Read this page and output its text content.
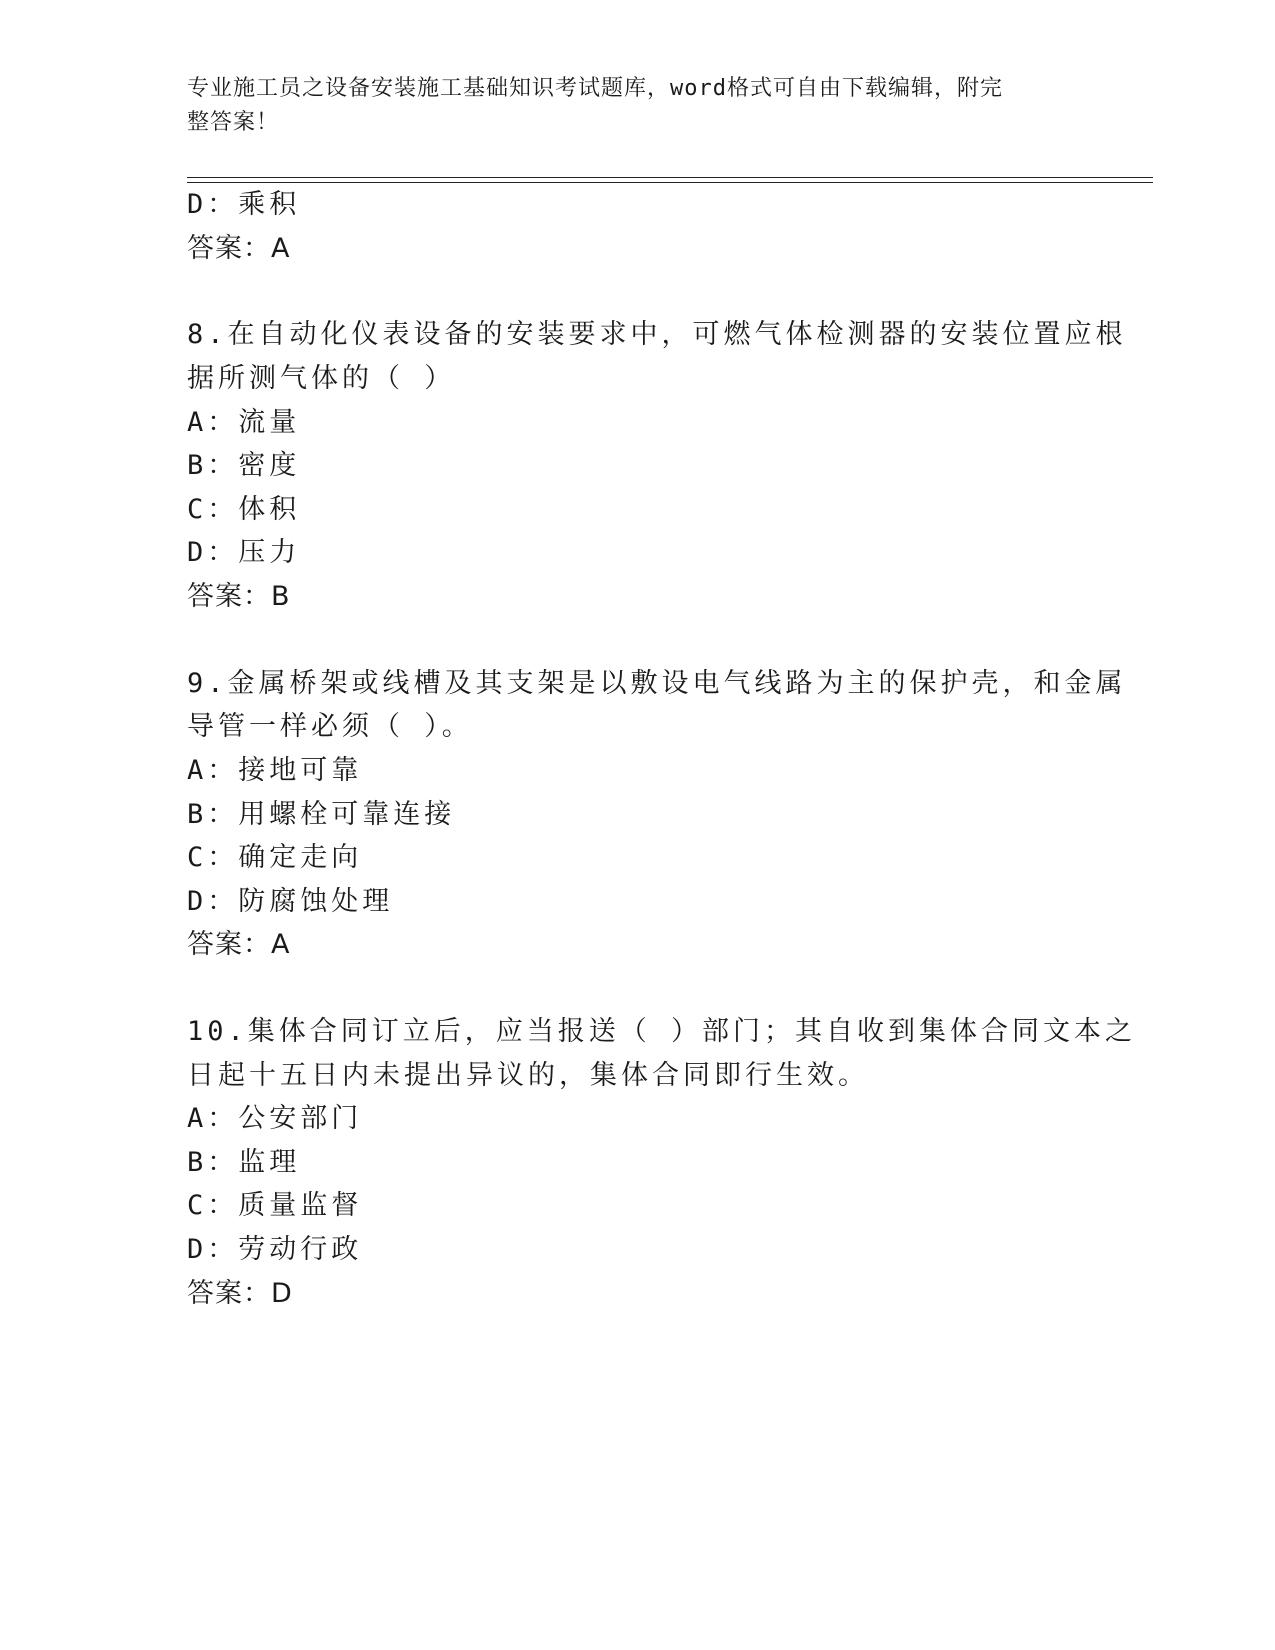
专业施工员之设备安装施工基础知识考试题库，word格式可自由下载编辑，附完
整答案！
D：乘积
答案：A
8.在自动化仪表设备的安装要求中，可燃气体检测器的安装位置应根
据所测气体的（ ）
A：流量
B：密度
C：体积
D：压力
答案：B
9.金属桥架或线槽及其支架是以敷设电气线路为主的保护壳，和金属
导管一样必须（ ）。
A：接地可靠
B：用螺栓可靠连接
C：确定走向
D：防腐蚀处理
答案：A
10.集体合同订立后，应当报送（ ）部门；其自收到集体合同文本之
日起十五日内未提出异议的，集体合同即行生效。
A：公安部门
B：监理
C：质量监督
D：劳动行政
答案：D
